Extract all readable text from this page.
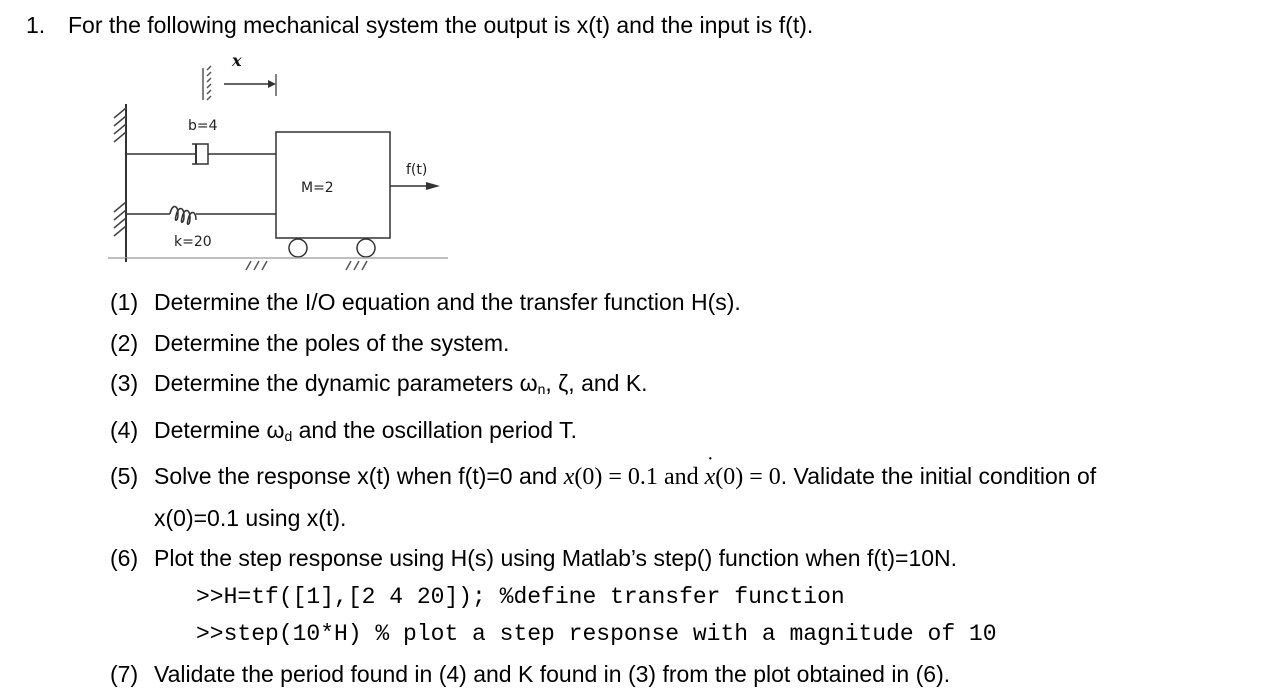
1. For the following mechanical system the output is x(t) and the input is f(t).
x
b=4
k=20
M=2
f(t)
(1) Determine the I/O equation and the transfer function H(s).
(2) Determine the poles of the system.
(3) Determine the dynamic parameters $\omega_n$, ζ, and K.
(4) Determine $\omega_d$ and the oscillation period T.
(5) Solve the response x(t) when f(t)=0 and x(0) = 0.1 and ˙ x(0) = 0. Validate the initial condition of
x(0)=0.1 using x(t).
(6) Plot the step response using H(s) using Matlab’s step() function when f(t)=10N.
>>H=tf([1],[2 4 20]); %define transfer function
>>step(10*H) % plot a step response with a magnitude of 10
(7) Validate the period found in (4) and K found in (3) from the plot obtained in (6).
